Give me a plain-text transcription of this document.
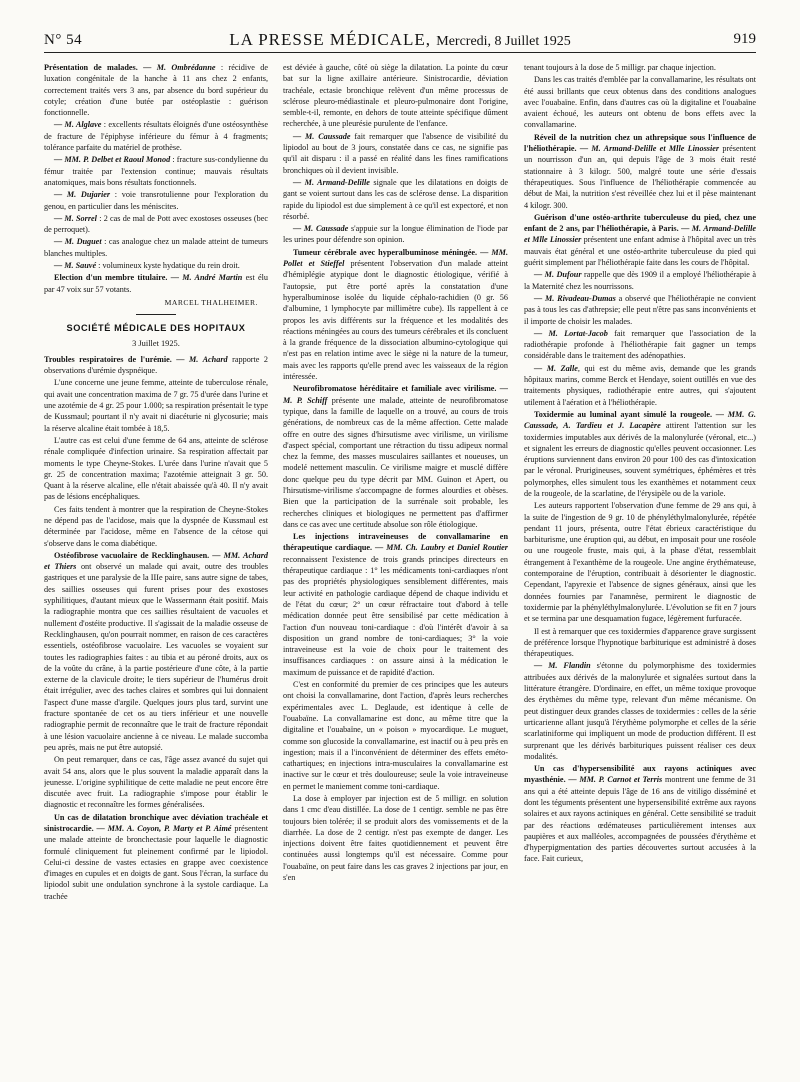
N° 54	LA PRESSE MÉDICALE, Mercredi, 8 Juillet 1925	919

Présentation de malades. — M. Ombrédanne : récidive de luxation congénitale de la hanche à 11 ans chez 2 enfants, correctement traités vers 3 ans, par absence du bord supérieur du cotyle; création d'une butée par ostéoplastie : guérison fonctionnelle.

— M. Alglave : excellents résultats éloignés d'une ostéosynthèse de fracture de l'épiphyse inférieure du fémur à 4 fragments; tolérance parfaite du matériel de prothèse.

— MM. P. Delbet et Raoul Monod : fracture sus-condylienne du fémur traitée par l'extension continue; mauvais résultats anatomiques, mais bons résultats fonctionnels.

— M. Dujarier : voie transrotulienne pour l'exploration du genou, en particulier dans les méniscites.

— M. Sorrel : 2 cas de mal de Pott avec exostoses osseuses (bec de perroquet).

— M. Duguet : cas analogue chez un malade atteint de tumeurs blanches multiples.

— M. Sauvé : volumineux kyste hydatique du rein droit.

Election d'un membre titulaire. — M. André Martin est élu par 47 voix sur 57 votants.

MARCEL THALHEIMER.
SOCIÉTÉ MÉDICALE DES HOPITAUX
3 Juillet 1925.

Troubles respiratoires de l'urémie. — M. Achard rapporte 2 observations d'urémie dyspnéique.

L'une concerne une jeune femme, atteinte de tuberculose rénale, qui avait une concentration maxima de 7 gr. 75 d'urée dans l'urine et une azotémie de 4 gr. 25 pour 1.000; sa respiration présentait le type de Kussmaul; pourtant il n'y avait ni diacéturie ni glycosurie; mais la réserve alcaline était tombée à 18,5.

L'autre cas est celui d'une femme de 64 ans, atteinte de sclérose rénale compliquée d'infection urinaire. Sa respiration affectait par moments le type Cheyne-Stokes. L'urée dans l'urine n'avait que 5 gr. 25 de concentration maxima; l'azotémie atteignait 3 gr. 50. Quant à la réserve alcaline, elle n'était abaissée qu'à 40. Il n'y avait pas de lésions encéphaliques.

Ces faits tendent à montrer que la respiration de Cheyne-Stokes ne dépend pas de l'acidose, mais que la dyspnée de Kussmaul est déterminée par l'acidose, même en l'absence de la cétose qui s'observe dans le coma diabétique.

Ostéofibrose vacuolaire de Recklinghausen. — MM. Achard et Thiers ont observé un malade qui avait, outre des troubles gastriques et une paralysie de la IIIe paire, sans autre signe de tabes, des saillies osseuses qui furent prises pour des exostoses syphilitiques, d'autant mieux que le Wassermann était positif. Mais la radiographie montra que ces saillies résultaient de vacuoles et nullement d'ostéite productive. Il s'agissait de la maladie osseuse de Recklinghausen, qu'on pourrait nommer, en raison de ces caractères essentiels, ostéofibrose vacuolaire. Les vacuoles se voyaient sur toutes les radiographies faites : au tibia et au péroné droits, aux os de la voûte du crâne, à la partie postérieure d'une côte, à la partie externe de la clavicule droite; le tiers supérieur de l'humérus droit était irrégulier, avec des taches claires et sombres qui lui donnaient l'aspect d'une masse d'argile. Quelques jours plus tard, survint une fracture spontanée de cet os au tiers inférieur et une nouvelle radiographie permit de reconnaître que le trait de fracture répondait à une lésion vacuolaire ancienne à ce niveau. Le malade succomba peu après, mais ne put être autopsié.

On peut remarquer, dans ce cas, l'âge assez avancé du sujet qui avait 54 ans, alors que le plus souvent la maladie apparaît dans la jeunesse. L'origine syphilitique de cette maladie ne peut encore être discutée avec fruit. La radiographie s'impose pour établir le diagnostic et reconnaître les formes généralisées.

Un cas de dilatation bronchique avec déviation trachéale et sinistrocardie. — MM. A. Coyon, P. Marty et P. Aimé présentent une malade atteinte de bronchectasie pour laquelle le diagnostic formulé cliniquement fut pleinement confirmé par le lipiodol. Celui-ci dessine de vastes ectasies en grappe avec coexistence d'images en cupules et en doigts de gant. Sous l'écran, la surface du lipiodol subit une ondulation synchrone à la systole cardiaque. La trachée

est déviée à gauche, côté où siège la dilatation. La pointe du cœur bat sur la ligne axillaire antérieure. Sinistrocardie, déviation trachéale, ectasie bronchique relèvent d'un même processus de sclérose pleuro-médiastinale et pleuro-pulmonaire dont l'origine, semble-t-il, remonte, en dehors de toute atteinte spécifique dûment recherchée, à une pleurésie purulente de l'enfance.

— M. Caussade fait remarquer que l'absence de visibilité du lipiodol au bout de 3 jours, constatée dans ce cas, ne signifie pas qu'il ait disparu : il a passé en réalité dans les fines ramifications bronchiques où il devient invisible.

— M. Armand-Delille signale que les dilatations en doigts de gant se voient surtout dans les cas de sclérose dense. La disparition rapide du lipiodol est due simplement à ce qu'il est expectoré, et non résorbé.

— M. Caussade s'appuie sur la longue élimination de l'iode par les urines pour défendre son opinion.

Tumeur cérébrale avec hyperalbuminose méningée. — MM. Pollet et Stieffel présentent l'observation d'un malade atteint d'hémiplégie atypique dont le diagnostic étiologique, vérifié à l'autopsie, put être porté après la constatation d'une hyperalbuminose isolée du liquide céphalo-rachidien (0 gr. 56 d'albumine, 1 lymphocyte par millimètre cube). Ils rappellent à ce propos les avis différents sur la fréquence et les modalités des réactions méningées au cours des tumeurs cérébrales et ils concluent à la grande fréquence de la dissociation albumino-cytologique qui n'est pas en relation intime avec le siège ni la nature de la tumeur, mais avec les rapports qu'elle prend avec les vaisseaux de la région intéressée.

Neurofibromatose héréditaire et familiale avec virilisme. — M. P. Schiff présente une malade, atteinte de neurofibromatose typique, dans la famille de laquelle on a trouvé, au cours de trois générations, de nombreux cas de la même affection. Cette malade offre en outre des signes d'hirsutisme avec virilisme, un virilisme d'aspect spécial, comportant une rétraction du tissu adipeux normal chez la femme, des masses musculaires saillantes et noueuses, un modelé nettement masculin. Ce virilisme maigre et musclé diffère donc quelque peu du type décrit par MM. Guinon et Apert, ou l'hirsutisme-virilisme s'accompagne de formes alourdies et obèses. Bien que la participation de la surrénale soit probable, les recherches cliniques et biologiques ne permettent pas d'affirmer dans ce cas avec une certitude absolue son rôle étiologique.

Les injections intraveineuses de convallamarine en thérapeutique cardiaque. — MM. Ch. Laubry et Daniel Routier reconnaissent l'existence de trois grands principes directeurs en thérapeutique cardiaque : 1° les médicaments toni-cardiaques n'ont pas des propriétés physiologiques sensiblement différentes, mais leur activité en pathologie cardiaque dépend de chaque individu et de l'état du cœur; 2° un cœur réfractaire tout d'abord à telle médication donnée peut être sensibilisé par cette médication à l'action d'un nouveau toni-cardiaque : d'où l'intérêt d'avoir à sa disposition un grand nombre de toni-cardiaques; 3° la voie intraveineuse est la voie de choix pour le traitement des insuffisances cardiaques : on assure ainsi à la médication le maximum de puissance et de rapidité d'action.

C'est en conformité du premier de ces principes que les auteurs ont choisi la convallamarine, dont l'action, d'après leurs recherches expérimentales avec L. Deglaude, est identique à celle de l'ouabaïne. La convallamarine est donc, au même titre que la digitaline et l'ouabaïne, un « poison » myocardique. Le muguet, comme son glucoside la convallamarine, est inactif ou à peu près en ingestion; mais il a l'inconvénient de déterminer des effets eméto-cathartiques; en injections intra-musculaires la convallamarine est inactive sur le cœur et très douloureuse; seule la voie intraveineuse en permet le maniement comme toni-cardiaque.

La dose à employer par injection est de 5 milligr. en solution dans 1 cmc d'eau distillée. La dose de 1 centigr. semble ne pas être toujours bien tolérée; il se produit alors des vomissements et de la diarrhée. La dose de 2 centigr. n'est pas exempte de danger. Les injections doivent être faites quotidiennement et peuvent être continuées aussi longtemps qu'il est nécessaire. Comme pour l'ouabaïne, on peut faire dans les cas graves 2 injections par jour, en s'en

tenant toujours à la dose de 5 milligr. par chaque injection.

Dans les cas traités d'emblée par la convallamarine, les résultats ont été aussi brillants que ceux obtenus dans des conditions analogues avec l'ouabaïne. Enfin, dans d'autres cas où la digitaline et l'ouabaïne avaient échoué, les auteurs ont obtenu de bons effets avec la convallamarine.

Réveil de la nutrition chez un athrepsique sous l'influence de l'héliothérapie. — M. Armand-Delille et Mlle Linossier présentent un nourrisson d'un an, qui depuis l'âge de 3 mois était resté stationnaire à 3 kilogr. 500, malgré toute une série d'essais thérapeutiques. Sous l'influence de l'héliothérapie commencée au début de Mai, la nutrition s'est réveillée chez lui et il pèse maintenant 4 kilogr. 300.

Guérison d'une ostéo-arthrite tuberculeuse du pied, chez une enfant de 2 ans, par l'héliothérapie, à Paris. — M. Armand-Delille et Mlle Linossier présentent une enfant admise à l'hôpital avec un très mauvais état général et une ostéo-arthrite tuberculeuse du pied qui guérit simplement par l'héliothérapie faite dans les cours de l'hôpital.

— M. Dufour rappelle que dès 1909 il a employé l'héliothérapie à la Maternité chez les nourrissons.

— M. Rivadeau-Dumas a observé que l'héliothérapie ne convient pas à tous les cas d'athrepsie; elle peut n'être pas sans inconvénients et il importe de choisir les malades.

— M. Lortat-Jacob fait remarquer que l'association de la radiothérapie profonde à l'héliothérapie fait gagner un temps considérable dans le traitement des adénopathies.

— M. Zalle, qui est du même avis, demande que les grands hôpitaux marins, comme Berck et Hendaye, soient outillés en vue des traitements physiques, radiothérapie entre autres, qui s'ajoutent utilement à l'aération et à l'héliothérapie.

Toxidermie au luminal ayant simulé la rougeole. — MM. G. Caussade, A. Tardieu et J. Lacapère attirent l'attention sur les toxidermies imputables aux dérivés de la malonylurée (véronal, etc...) et signalent les erreurs de diagnostic qu'elles peuvent occasionner. Les éruptions surviennent dans environ 20 pour 100 des cas d'intoxication par le véronal. Prurigineuses, souvent symétriques, éphémères et très polymorphes, elles simulent tous les exanthèmes et notamment ceux de la rougeole, de la scarlatine, de l'érysipèle ou de la variole.

Les auteurs rapportent l'observation d'une femme de 29 ans qui, à la suite de l'ingestion de 9 gr. 10 de phényléthylmalonylurée, répétée pendant 11 jours, présenta, outre l'état ébrieux caractéristique du barbiturisme, une éruption qui, au début, en imposait pour une roséole ou une rougeole fruste, mais qui, à la phase d'état, ressemblait étrangement à l'exanthème de la rougeole. Une angine érythémateuse, contemporaine de l'éruption, contribuait à désorienter le diagnostic. Cependant, l'apyrexie et l'absence de signes généraux, ainsi que les données fournies par l'anamnèse, permirent le diagnostic de toxidermie par la phényléthylmalonylurée. L'évolution se fit en 7 jours et se termina par une desquamation fugace, légèrement furfuracée.

Il est à remarquer que ces toxidermies d'apparence grave surgissent de préférence lorsque l'hypnotique barbiturique est administré à doses thérapeutiques.

— M. Flandin s'étonne du polymorphisme des toxidermies attribuées aux dérivés de la malonylurée et signalées surtout dans la littérature étrangère. D'ordinaire, en effet, un même toxique provoque des érythèmes du même type, relevant d'un même mécanisme. On peut distinguer deux grandes classes de toxidermies : celles de la série urticarienne allant jusqu'à l'érythème polymorphe et celles de la série scarlatiniforme qui impliquent un mode de production différent. Il est surprenant que les dérivés barbituriques puissent réaliser ces deux modalités.

Un cas d'hypersensibilité aux rayons actiniques avec myasthénie. — MM. P. Carnot et Terris montrent une femme de 31 ans qui a été atteinte depuis l'âge de 16 ans de vitiligo disséminé et dont les téguments présentent une hypersensibilité extrême aux rayons solaires et aux rayons actiniques en général. Cette sensibilité se traduit par des réactions œdémateuses particulièrement intenses aux paupières et aux malléoles, accompagnées de poussées d'érythème et d'hyperpigmentation des parties découvertes surtout accusées à la face. Fait curieux,
